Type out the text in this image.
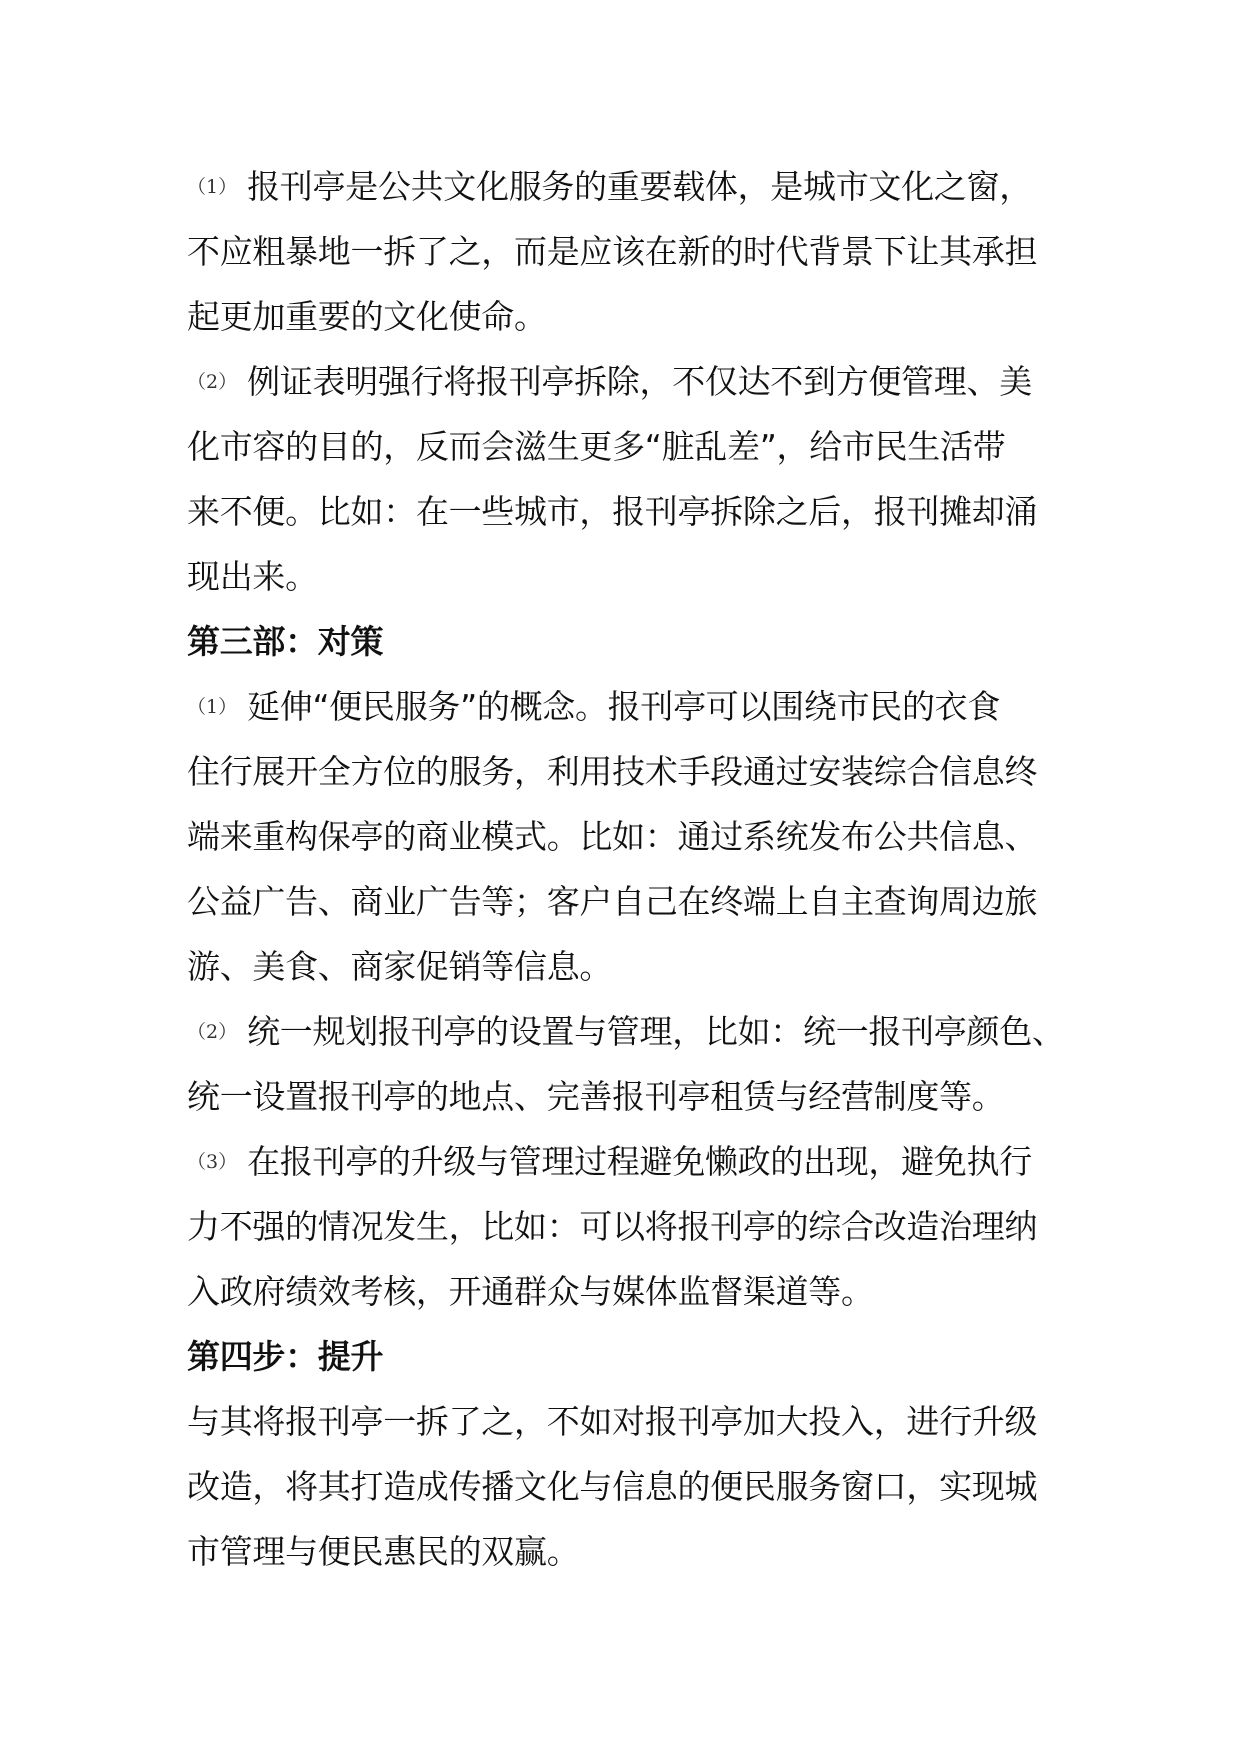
（1） 报刊亭是公共文化服务的重要载体，是城市文化之窗，
不应粗暴地一拆了之，而是应该在新的时代背景下让其承担
起更加重要的文化使命。
（2） 例证表明强行将报刊亭拆除，不仅达不到方便管理、美
化市容的目的，反而会滋生更多“脏乱差”，给市民生活带
来不便。比如：在一些城市，报刊亭拆除之后，报刊摊却涌
现出来。
第三部：对策
（1） 延伸“便民服务”的概念。报刊亭可以围绕市民的衣食
住行展开全方位的服务，利用技术手段通过安装综合信息终
端来重构保亭的商业模式。比如：通过系统发布公共信息、
公益广告、商业广告等；客户自己在终端上自主查询周边旅
游、美食、商家促销等信息。
（2） 统一规划报刊亭的设置与管理，比如：统一报刊亭颜色、
统一设置报刊亭的地点、完善报刊亭租赁与经营制度等。
（3） 在报刊亭的升级与管理过程避免懒政的出现，避免执行
力不强的情况发生，比如：可以将报刊亭的综合改造治理纳
入政府绩效考核，开通群众与媒体监督渠道等。
第四步：提升
与其将报刊亭一拆了之，不如对报刊亭加大投入，进行升级
改造，将其打造成传播文化与信息的便民服务窗口，实现城
市管理与便民惠民的双赢。
